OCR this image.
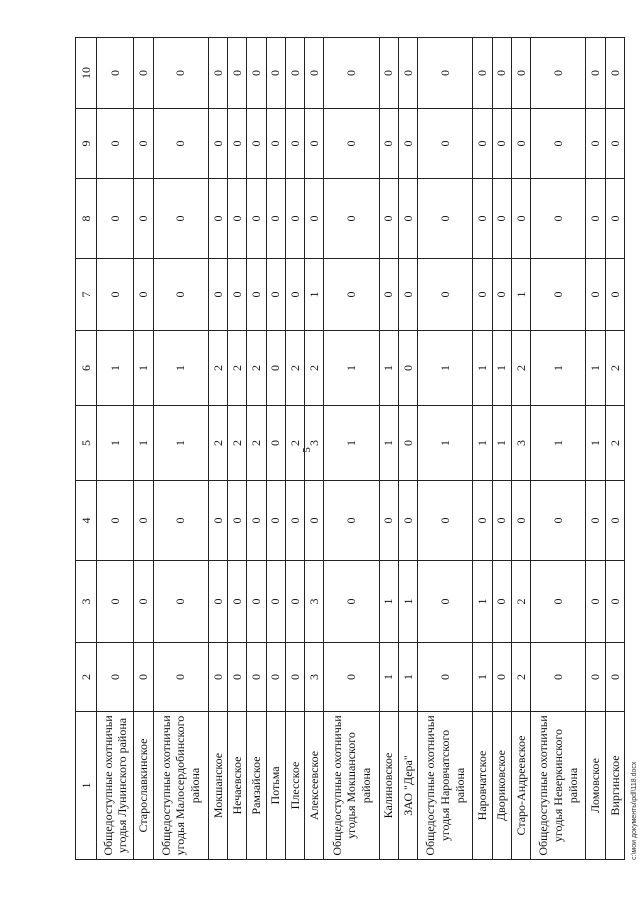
5
1	2	3	4	5	6	7	8	9	10
Общедоступные охотничьи угодья Лунинского района	0	0	0	1	1	0	0	0	0
Старославкинское	0	0	0	1	1	0	0	0	0
Общедоступные охотничьи угодья Малосердобинского района	0	0	0	1	1	0	0	0	0
Мокшанское	0	0	0	2	2	0	0	0	0
Нечаевское	0	0	0	2	2	0	0	0	0
Рамзайское	0	0	0	2	2	0	0	0	0
Потьма	0	0	0	0	0	0	0	0	0
Плесское	0	0	0	2	2	0	0	0	0
Алексеевское	3	3	0	3	2	1	0	0	0
Общедоступные охотничьи угодья Мокшанского района	0	0	0	1	1	0	0	0	0
Калиновское	1	1	0	1	1	0	0	0	0
ЗАО "Дера"	1	1	0	0	0	0	0	0	0
Общедоступные охотничьи угодья Наровчатского района	0	0	0	1	1	0	0	0	0
Наровчатское	1	1	0	1	1	0	0	0	0
Двориковское	0	0	0	1	1	0	0	0	0
Старо-Андреевское	2	2	0	3	2	1	0	0	0
Общедоступные охотничьи угодья Неверкинского района	0	0	0	1	1	0	0	0	0
Ломовское	0	0	0	1	1	0	0	0	0
Виргинское	0	0	0	2	2	0	0	0	0
c:\мои документы\pdl\118.docx
